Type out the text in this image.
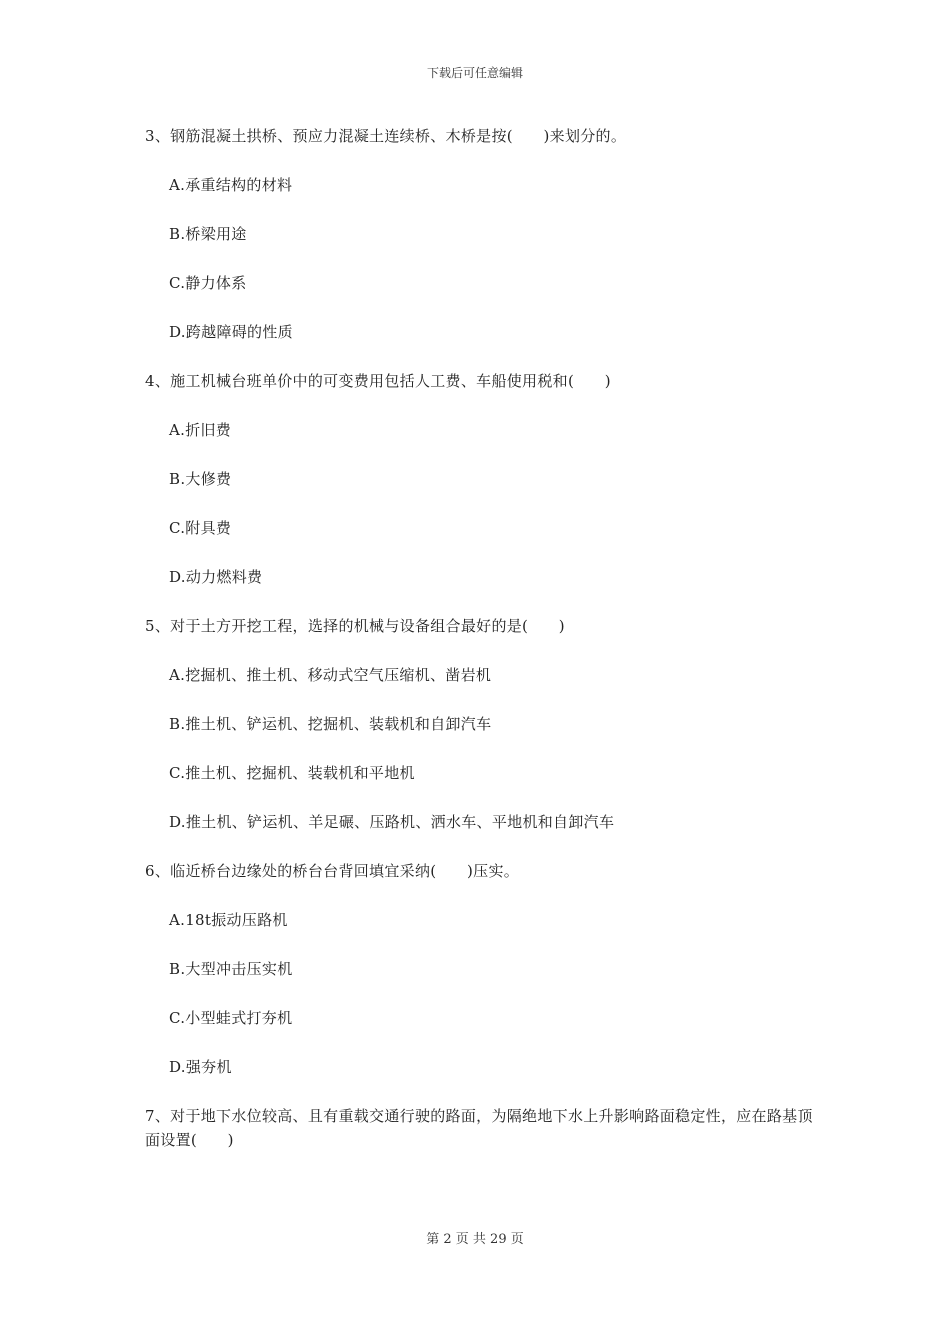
下载后可任意编辑
3、钢筋混凝土拱桥、预应力混凝土连续桥、木桥是按(　　)来划分的。
A.承重结构的材料
B.桥梁用途
C.静力体系
D.跨越障碍的性质
4、施工机械台班单价中的可变费用包括人工费、车船使用税和(　　)
A.折旧费
B.大修费
C.附具费
D.动力燃料费
5、对于土方开挖工程，选择的机械与设备组合最好的是(　　)
A.挖掘机、推土机、移动式空气压缩机、凿岩机
B.推土机、铲运机、挖掘机、装载机和自卸汽车
C.推土机、挖掘机、装载机和平地机
D.推土机、铲运机、羊足碾、压路机、洒水车、平地机和自卸汽车
6、临近桥台边缘处的桥台台背回填宜采纳(　　)压实。
A.18t振动压路机
B.大型冲击压实机
C.小型蛙式打夯机
D.强夯机
7、对于地下水位较高、且有重载交通行驶的路面，为隔绝地下水上升影响路面稳定性，应在路基顶面设置(　　)
第 2 页 共 29 页
